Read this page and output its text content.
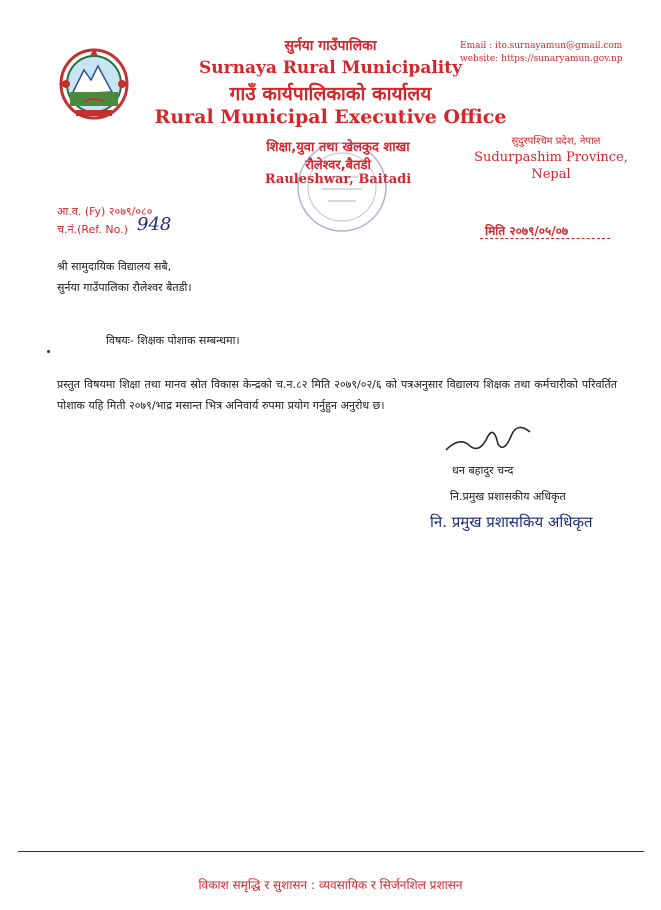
सुर्नया गाउँपालिका
Surnaya Rural Municipality
गाउँ कार्यपालिकाको कार्यालय
Rural Municipal Executive Office
शिक्षा,युवा तथा खेलकुद शाखा
रौलेश्वर,बैतडी
Rauleshwar, Baitadi
Email : ito.surnayamun@gmail.com
website: https://sunaryamun.gov.np
सुदुरपश्चिम प्रदेश, नेपाल
Sudurpashim Province,
Nepal
आ.व. (Fy) २०७९/०८०
च.नं.(Ref. No.) 948	मिति २०७९/०५/०७
श्री सामुदायिक विद्यालय सबै,
सुर्नया गाउँपालिका रौलेश्वर बैतडी।
विषयः- शिक्षक पोशाक सम्बन्धमा।
प्रस्तुत विषयमा शिक्षा तथा मानव स्रोत विकास केन्द्रको च.न.८२ मिति २०७९/०२/६ को पत्रअनुसार विद्यालय शिक्षक तथा कर्मचारीको परिवर्तित पोशाक यहि मिती २०७९/भाद्र मसान्त भित्र अनिवार्य रुपमा प्रयोग गर्नुहुन अनुरोध छ।
धन बहादुर चन्द
नि.प्रमुख प्रशासकीय अधिकृत
नि. प्रमुख प्रशासकिय अधिकृत
विकाश समृद्धि र सुशासन : व्यवसायिक र सिर्जनशिल प्रशासन
